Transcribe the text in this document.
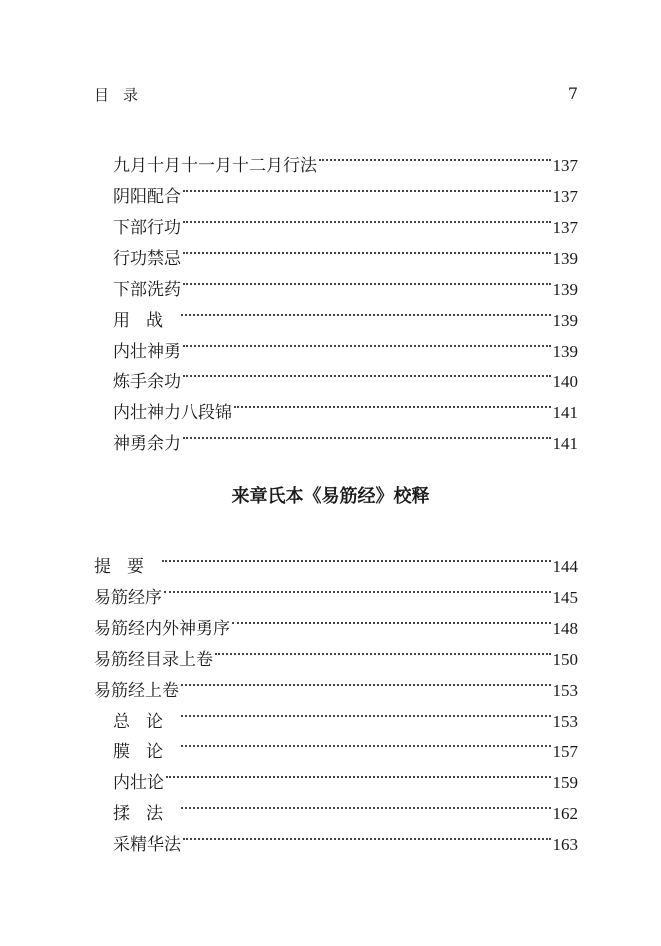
目录	7
九月十月十一月十二月行法	137
阴阳配合	137
下部行功	137
行功禁忌	139
下部洗药	139
用战	139
内壮神勇	139
炼手余功	140
内壮神力八段锦	141
神勇余力	141
来章氏本《易筋经》校释
提要	144
易筋经序	145
易筋经内外神勇序	148
易筋经目录上卷	150
易筋经上卷	153
总论	153
膜论	157
内壮论	159
揉法	162
采精华法	163
